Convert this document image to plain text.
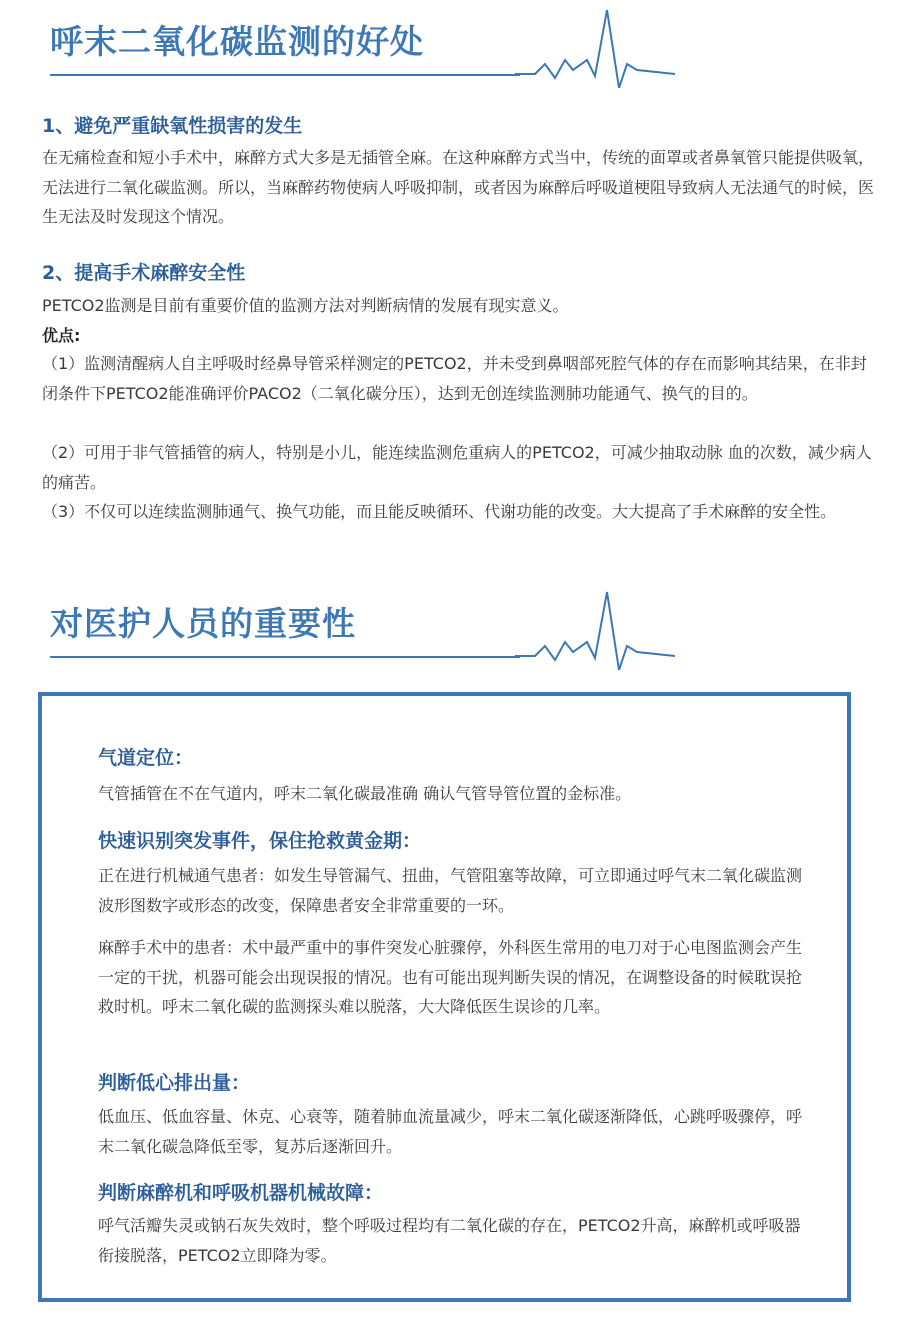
呼末二氧化碳监测的好处
1、避免严重缺氧性损害的发生
在无痛检查和短小手术中，麻醉方式大多是无插管全麻。在这种麻醉方式当中，传统的面罩或者鼻氧管只能提供吸氧，无法进行二氧化碳监测。所以，当麻醉药物使病人呼吸抑制，或者因为麻醉后呼吸道梗阻导致病人无法通气的时候，医生无法及时发现这个情况。
2、提高手术麻醉安全性
PETCO2监测是目前有重要价值的监测方法对判断病情的发展有现实意义。
优点:
（1）监测清醒病人自主呼吸时经鼻导管采样测定的PETCO2，并未受到鼻咽部死腔气体的存在而影响其结果，在非封闭条件下PETCO2能准确评价PACO2（二氧化碳分压），达到无创连续监测肺功能通气、换气的目的。
（2）可用于非气管插管的病人，特别是小儿，能连续监测危重病人的PETCO2，可减少抽取动脉 血的次数，减少病人的痛苦。
（3）不仅可以连续监测肺通气、换气功能，而且能反映循环、代谢功能的改变。大大提高了手术麻醉的安全性。
对医护人员的重要性
气道定位：
气管插管在不在气道内，呼末二氧化碳最准确 确认气管导管位置的金标准。
快速识别突发事件，保住抢救黄金期：
正在进行机械通气患者：如发生导管漏气、扭曲，气管阻塞等故障，可立即通过呼气末二氧化碳监测波形图数字或形态的改变，保障患者安全非常重要的一环。
麻醉手术中的患者：术中最严重中的事件突发心脏骤停，外科医生常用的电刀对于心电图监测会产生一定的干扰，机器可能会出现误报的情况。也有可能出现判断失误的情况，在调整设备的时候耽误抢救时机。呼末二氧化碳的监测探头难以脱落，大大降低医生误诊的几率。
判断低心排出量：
低血压、低血容量、休克、心衰等，随着肺血流量减少，呼末二氧化碳逐渐降低，心跳呼吸骤停，呼末二氧化碳急降低至零，复苏后逐渐回升。
判断麻醉机和呼吸机器机械故障：
呼气活瓣失灵或钠石灰失效时，整个呼吸过程均有二氧化碳的存在，PETCO2升高，麻醉机或呼吸器衔接脱落，PETCO2立即降为零。
